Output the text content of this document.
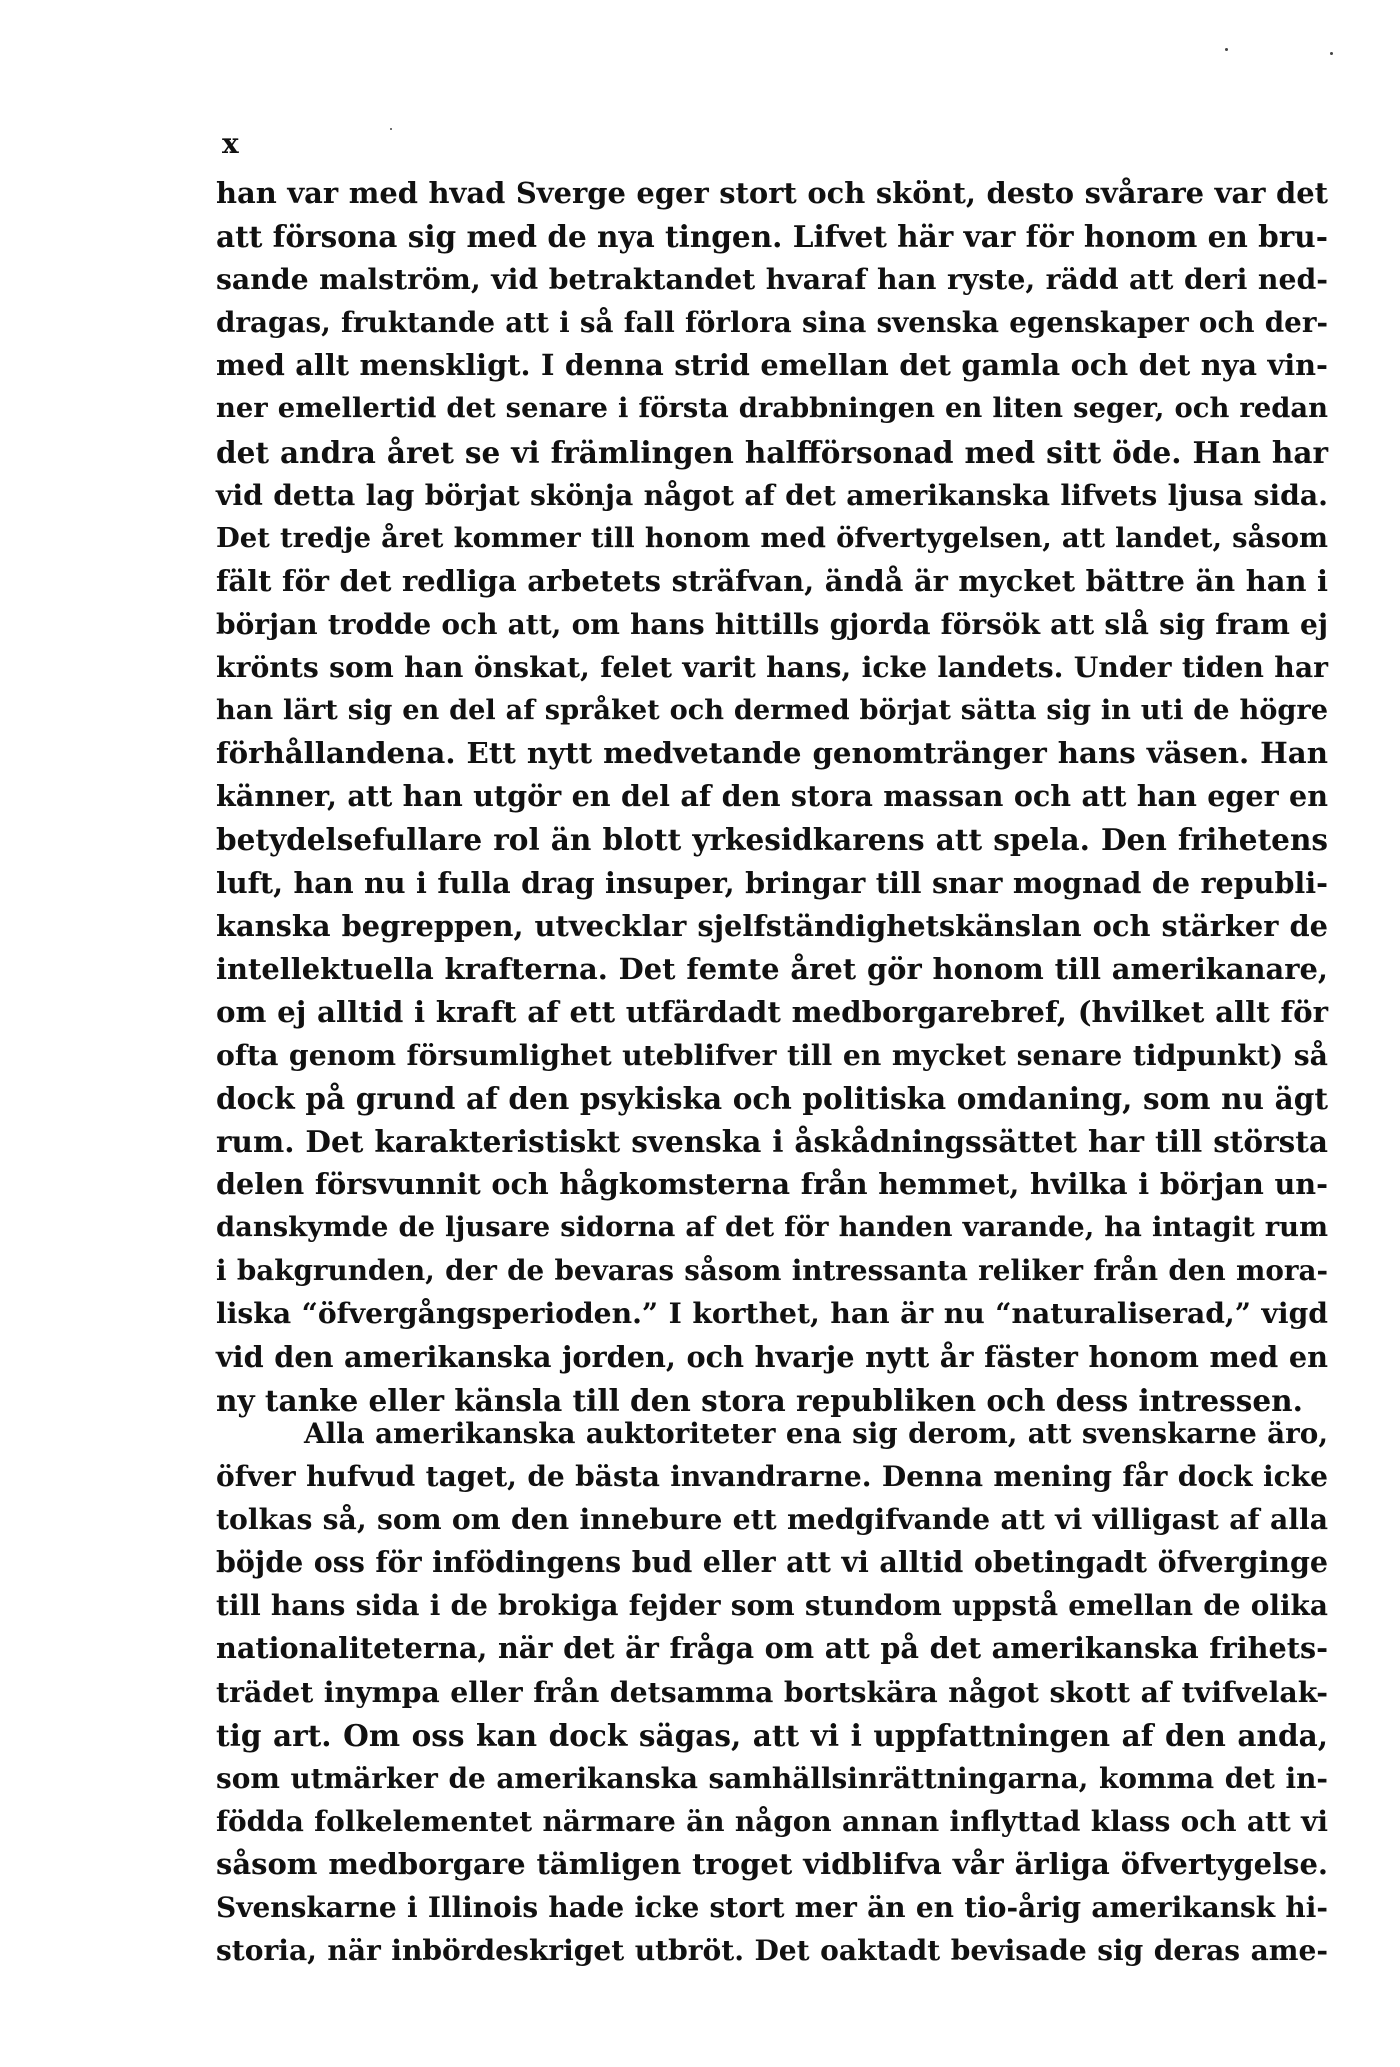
x
han var med hvad Sverge eger stort och skönt, desto svårare var det
att försona sig med de nya tingen. Lifvet här var för honom en bru-
sande malström, vid betraktandet hvaraf han ryste, rädd att deri ned-
dragas, fruktande att i så fall förlora sina svenska egenskaper och der-
med allt menskligt. I denna strid emellan det gamla och det nya vin-
ner emellertid det senare i första drabbningen en liten seger, och redan
det andra året se vi främlingen halfförsonad med sitt öde. Han har
vid detta lag börjat skönja något af det amerikanska lifvets ljusa sida.
Det tredje året kommer till honom med öfvertygelsen, att landet, såsom
fält för det redliga arbetets sträfvan, ändå är mycket bättre än han i
början trodde och att, om hans hittills gjorda försök att slå sig fram ej
krönts som han önskat, felet varit hans, icke landets. Under tiden har
han lärt sig en del af språket och dermed börjat sätta sig in uti de högre
förhållandena. Ett nytt medvetande genomtränger hans väsen. Han
känner, att han utgör en del af den stora massan och att han eger en
betydelsefullare rol än blott yrkesidkarens att spela. Den frihetens
luft, han nu i fulla drag insuper, bringar till snar mognad de republi-
kanska begreppen, utvecklar sjelfständighetskänslan och stärker de
intellektuella krafterna. Det femte året gör honom till amerikanare,
om ej alltid i kraft af ett utfärdadt medborgarebref, (hvilket allt för
ofta genom försumlighet uteblifver till en mycket senare tidpunkt) så
dock på grund af den psykiska och politiska omdaning, som nu ägt
rum. Det karakteristiskt svenska i åskådningssättet har till största
delen försvunnit och hågkomsterna från hemmet, hvilka i början un-
danskymde de ljusare sidorna af det för handen varande, ha intagit rum
i bakgrunden, der de bevaras såsom intressanta reliker från den mora-
liska “öfvergångsperioden.” I korthet, han är nu “naturaliserad,” vigd
vid den amerikanska jorden, och hvarje nytt år fäster honom med en
ny tanke eller känsla till den stora republiken och dess intressen.
Alla amerikanska auktoriteter ena sig derom, att svenskarne äro,
öfver hufvud taget, de bästa invandrarne. Denna mening får dock icke
tolkas så, som om den innebure ett medgifvande att vi villigast af alla
böjde oss för infödingens bud eller att vi alltid obetingadt öfverginge
till hans sida i de brokiga fejder som stundom uppstå emellan de olika
nationaliteterna, när det är fråga om att på det amerikanska frihets-
trädet inympa eller från detsamma bortskära något skott af tvifvelak-
tig art. Om oss kan dock sägas, att vi i uppfattningen af den anda,
som utmärker de amerikanska samhällsinrättningarna, komma det in-
födda folkelementet närmare än någon annan inflyttad klass och att vi
såsom medborgare tämligen troget vidblifva vår ärliga öfvertygelse.
Svenskarne i Illinois hade icke stort mer än en tio-årig amerikansk hi-
storia, när inbördeskriget utbröt. Det oaktadt bevisade sig deras ame-
